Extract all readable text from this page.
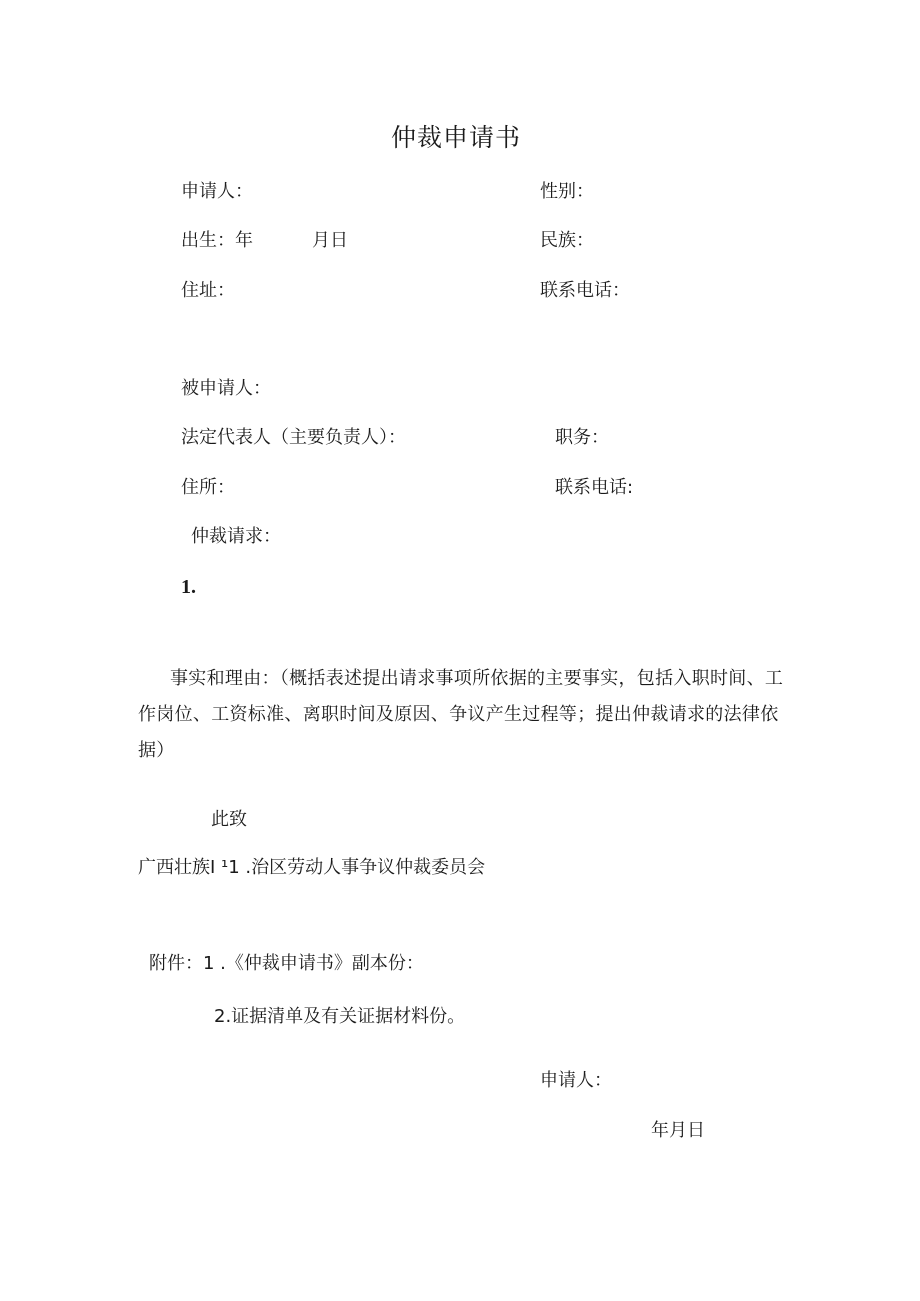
仲裁申请书

申请人：	性别：

出生：年	月日	民族：

住址：	联系电话：

被申请人：

法定代表人（主要负责人）：	职务：

住所：	联系电话:

仲裁请求：

1.

事实和理由：（概括表述提出请求事项所依据的主要事实，包括入职时间、工作岗位、工资标准、离职时间及原因、争议产生过程等；提出仲裁请求的法律依据）

此致

广西壮族I ¹1 .治区劳动人事争议仲裁委员会

附件：1 .《仲裁申请书》副本份：

2.证据清单及有关证据材料份。

申请人：

年月日
